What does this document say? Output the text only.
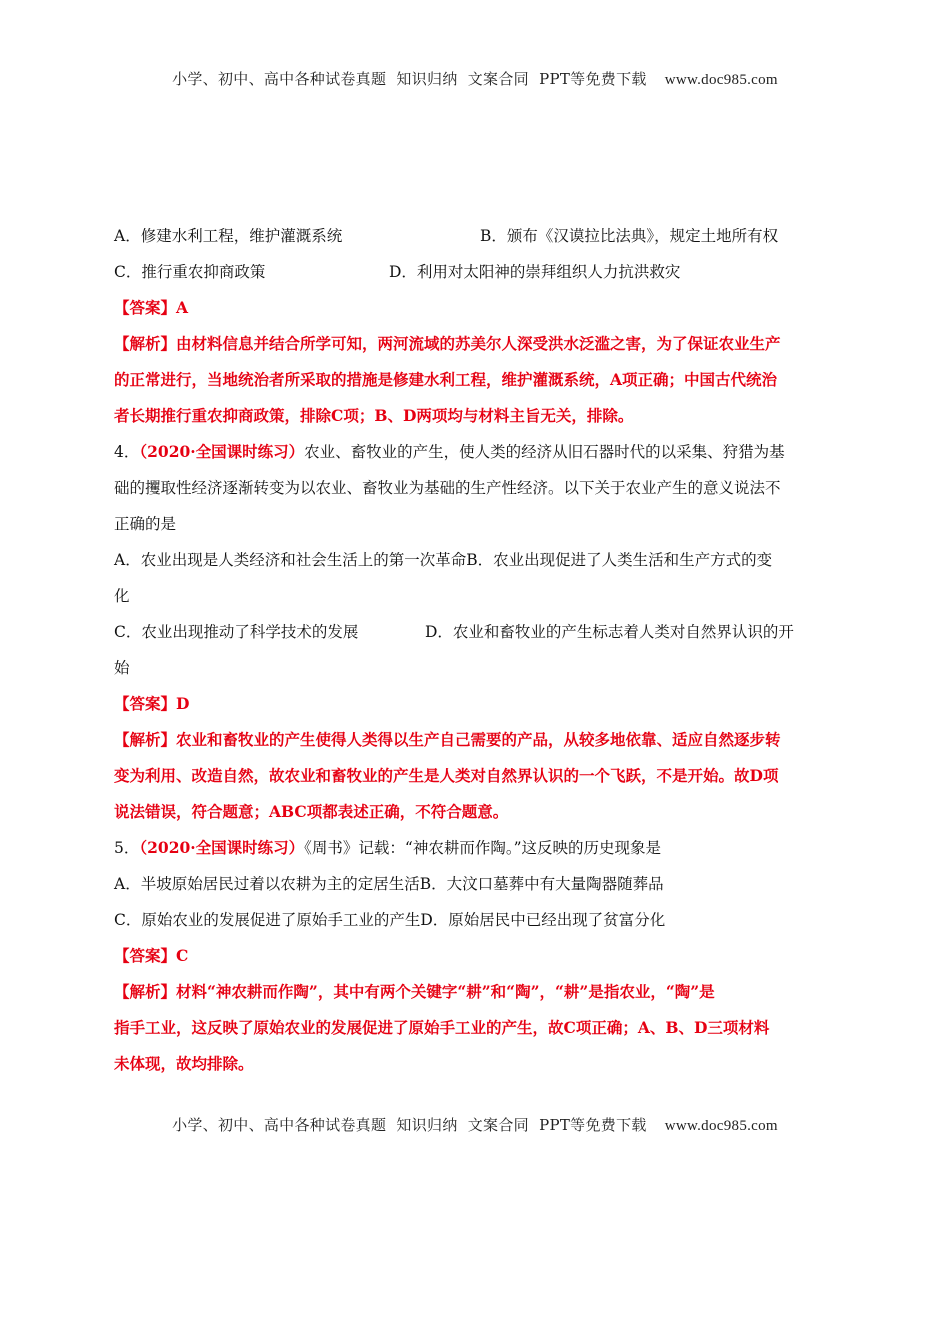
小学、初中、高中各种试卷真题  知识归纳  文案合同  PPT等免费下载 www.doc985.com
A．修建水利工程，维护灌溉系统	B．颁布《汉谟拉比法典》，规定土地所有权
C．推行重农抑商政策	D．利用对太阳神的崇拜组织人力抗洪救灾

【答案】A

【解析】由材料信息并结合所学可知，两河流域的苏美尔人深受洪水泛滥之害，为了保证农业生产

的正常进行，当地统治者所采取的措施是修建水利工程，维护灌溉系统，A项正确；中国古代统治

者长期推行重农抑商政策，排除C项；B、D两项均与材料主旨无关，排除。

4．（2020·全国课时练习）农业、畜牧业的产生，使人类的经济从旧石器时代的以采集、狩猎为基

础的攫取性经济逐渐转变为以农业、畜牧业为基础的生产性经济。以下关于农业产生的意义说法不

正确的是

A．农业出现是人类经济和社会生活上的第一次革命B．农业出现促进了人类生活和生产方式的变

化

C．农业出现推动了科学技术的发展	D．农业和畜牧业的产生标志着人类对自然界认识的开

始

【答案】D

【解析】农业和畜牧业的产生使得人类得以生产自己需要的产品，从较多地依靠、适应自然逐步转

变为利用、改造自然，故农业和畜牧业的产生是人类对自然界认识的一个飞跃，不是开始。故D项

说法错误，符合题意；ABC项都表述正确，不符合题意。

5．（2020·全国课时练习）《周书》记载：“神农耕而作陶。”这反映的历史现象是

A．半坡原始居民过着以农耕为主的定居生活B．大汶口墓葬中有大量陶器随葬品

C．原始农业的发展促进了原始手工业的产生D．原始居民中已经出现了贫富分化

【答案】C

【解析】材料“神农耕而作陶”，其中有两个关键字“耕”和“陶”，“耕”是指农业，“陶”是

指手工业，这反映了原始农业的发展促进了原始手工业的产生，故C项正确；A、B、D三项材料

未体现，故均排除。

小学、初中、高中各种试卷真题  知识归纳  文案合同  PPT等免费下载 www.doc985.com
